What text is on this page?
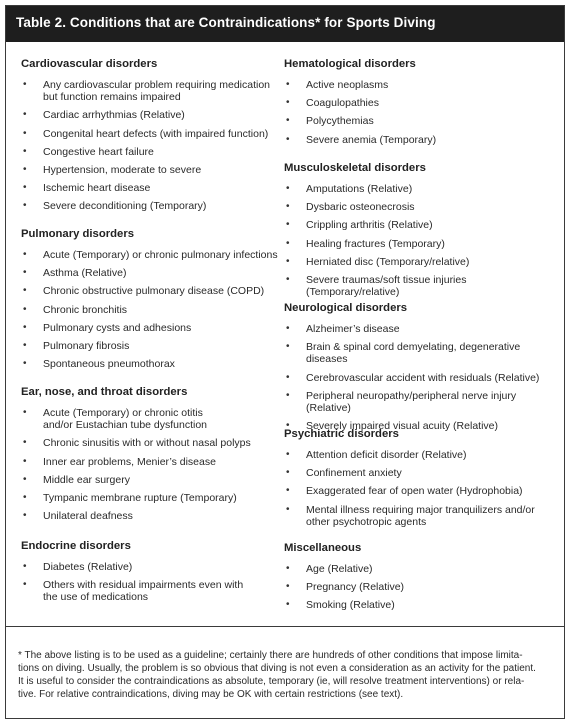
Table 2. Conditions that are Contraindications* for Sports Diving
Cardiovascular disorders
• Any cardiovascular problem requiring medication
but function remains impaired
• Cardiac arrhythmias (Relative)
• Congenital heart defects (with impaired function)
• Congestive heart failure
• Hypertension, moderate to severe
• Ischemic heart disease
• Severe deconditioning (Temporary)
Pulmonary disorders
• Acute (Temporary) or chronic pulmonary infections
• Asthma (Relative)
• Chronic obstructive pulmonary disease (COPD)
• Chronic bronchitis
• Pulmonary cysts and adhesions
• Pulmonary fibrosis
• Spontaneous pneumothorax
Ear, nose, and throat disorders
• Acute (Temporary) or chronic otitis
and/or Eustachian tube dysfunction
• Chronic sinusitis with or without nasal polyps
• Inner ear problems, Menier’s disease
• Middle ear surgery
• Tympanic membrane rupture (Temporary)
• Unilateral deafness
Endocrine disorders
• Diabetes (Relative)
• Others with residual impairments even with
the use of medications
Hematological disorders
• Active neoplasms
• Coagulopathies
• Polycythemias
• Severe anemia (Temporary)
Musculoskeletal disorders
• Amputations (Relative)
• Dysbaric osteonecrosis
• Crippling arthritis (Relative)
• Healing fractures (Temporary)
• Herniated disc (Temporary/relative)
• Severe traumas/soft tissue injuries (Temporary/relative)
Neurological disorders
• Alzheimer’s disease
• Brain & spinal cord demyelating, degenerative diseases
• Cerebrovascular accident with residuals (Relative)
• Peripheral neuropathy/peripheral nerve injury (Relative)
• Severely impaired visual acuity (Relative)
Psychiatric disorders
• Attention deficit disorder (Relative)
• Confinement anxiety
• Exaggerated fear of open water (Hydrophobia)
• Mental illness requiring major tranquilizers and/or
other psychotropic agents
Miscellaneous
• Age (Relative)
• Pregnancy (Relative)
• Smoking (Relative)

* The above listing is to be used as a guideline; certainly there are hundreds of other conditions that impose limita-

tions on diving. Usually, the problem is so obvious that diving is not even a consideration as an activity for the patient.

It is useful to consider the contraindications as absolute, temporary (ie, will resolve treatment interventions) or rela-

tive. For relative contraindications, diving may be OK with certain restrictions (see text).
